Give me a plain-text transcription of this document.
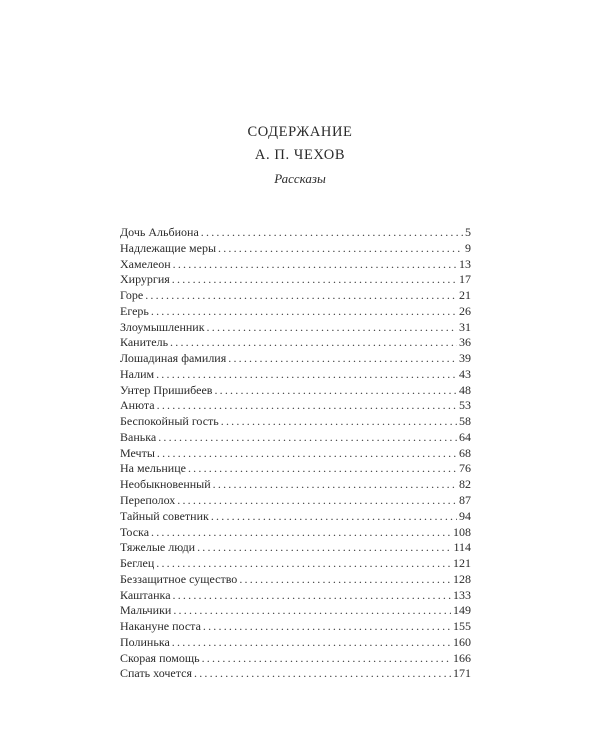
СОДЕРЖАНИЕ
А. П. ЧЕХОВ
Рассказы
Дочь Альбиона .....	5
Надлежащие меры .....	9
Хамелеон .....	13
Хирургия .....	17
Горе .....	21
Егерь .....	26
Злоумышленник .....	31
Канитель .....	36
Лошадиная фамилия .....	39
Налим .....	43
Унтер Пришибеев .....	48
Анюта .....	53
Беспокойный гость .....	58
Ванька .....	64
Мечты .....	68
На мельнице .....	76
Необыкновенный .....	82
Переполох .....	87
Тайный советник .....	94
Тоска .....	108
Тяжелые люди .....	114
Беглец .....	121
Беззащитное существо .....	128
Каштанка .....	133
Мальчики .....	149
Накануне поста .....	155
Полинька .....	160
Скорая помощь .....	166
Спать хочется .....	171
